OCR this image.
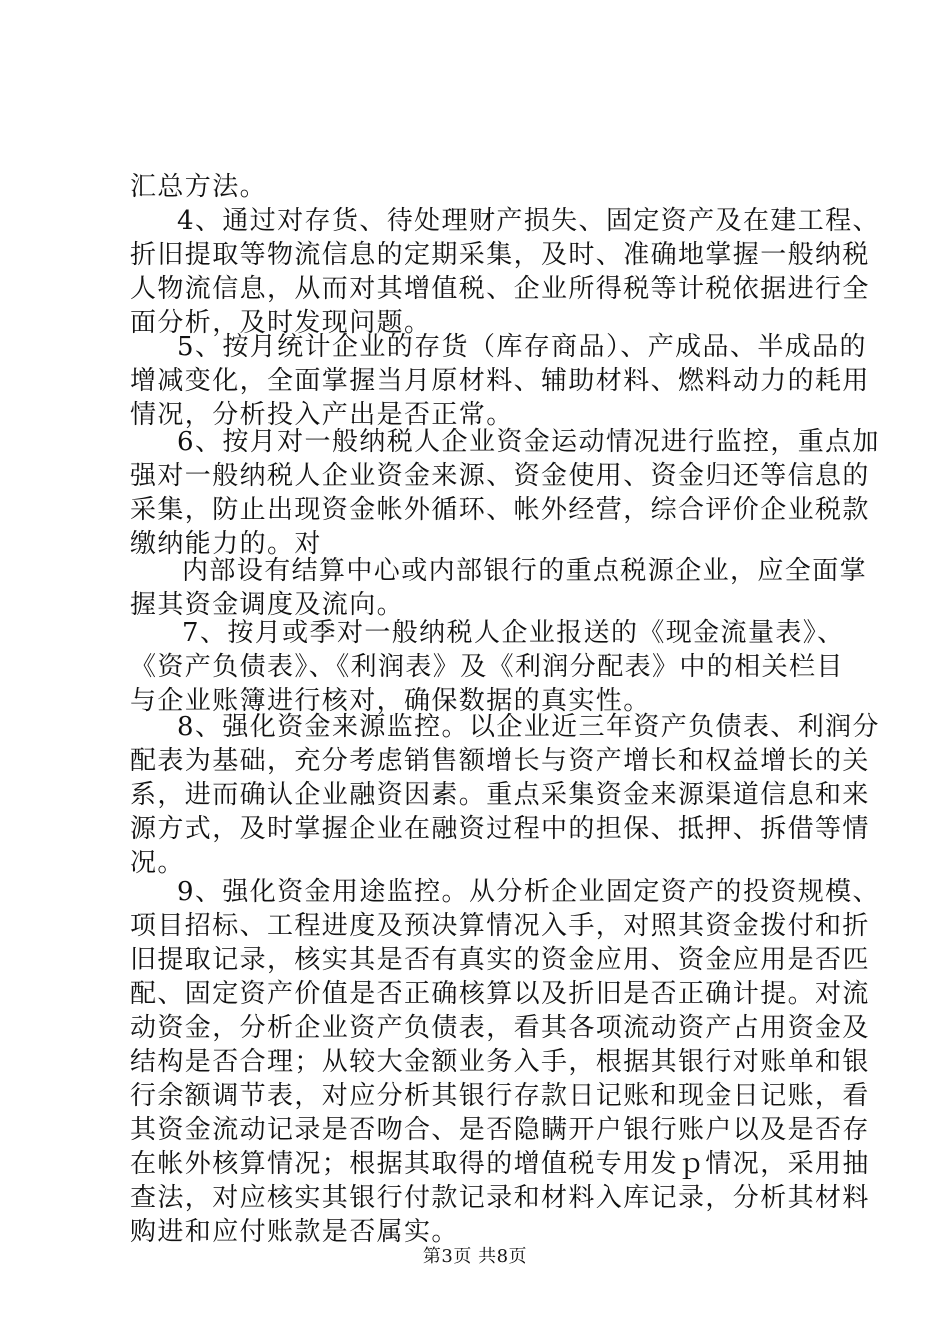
汇总方法。
4、通过对存货、待处理财产损失、固定资产及在建工程、
折旧提取等物流信息的定期采集，及时、准确地掌握一般纳税
人物流信息，从而对其增值税、企业所得税等计税依据进行全
面分析，及时发现问题。
5、按月统计企业的存货（库存商品）、产成品、半成品的
增减变化，全面掌握当月原材料、辅助材料、燃料动力的耗用
情况，分析投入产出是否正常。
6、按月对一般纳税人企业资金运动情况进行监控，重点加
强对一般纳税人企业资金来源、资金使用、资金归还等信息的
采集，防止出现资金帐外循环、帐外经营，综合评价企业税款
缴纳能力的。对
内部设有结算中心或内部银行的重点税源企业，应全面掌
握其资金调度及流向。
7、按月或季对一般纳税人企业报送的《现金流量表》、
《资产负债表》、《利润表》及《利润分配表》中的相关栏目
与企业账簿进行核对，确保数据的真实性。
8、强化资金来源监控。以企业近三年资产负债表、利润分
配表为基础，充分考虑销售额增长与资产增长和权益增长的关
系，进而确认企业融资因素。重点采集资金来源渠道信息和来
源方式，及时掌握企业在融资过程中的担保、抵押、拆借等情
况。
9、强化资金用途监控。从分析企业固定资产的投资规模、
项目招标、工程进度及预决算情况入手，对照其资金拨付和折
旧提取记录，核实其是否有真实的资金应用、资金应用是否匹
配、固定资产价值是否正确核算以及折旧是否正确计提。对流
动资金，分析企业资产负债表，看其各项流动资产占用资金及
结构是否合理；从较大金额业务入手，根据其银行对账单和银
行余额调节表，对应分析其银行存款日记账和现金日记账，看
其资金流动记录是否吻合、是否隐瞒开户银行账户以及是否存
在帐外核算情况；根据其取得的增值税专用发ｐ情况，采用抽
查法，对应核实其银行付款记录和材料入库记录，分析其材料
购进和应付账款是否属实。
第3页 共8页
